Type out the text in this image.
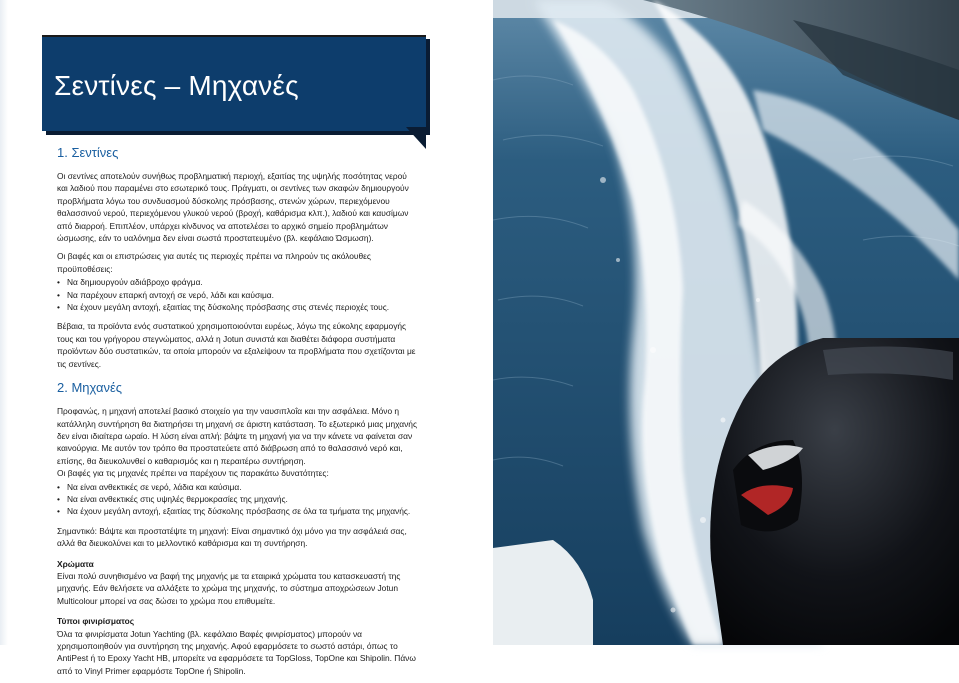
Σεντίνες – Μηχανές
1. Σεντίνες

Οι σεντίνες αποτελούν συνήθως προβληματική περιοχή, εξαιτίας της υψηλής ποσότητας νερού και λαδιού που παραμένει στο εσωτερικό τους. Πράγματι, οι σεντίνες των σκαφών δημιουργούν προβλήματα λόγω του συνδυασμού δύσκολης πρόσβασης, στενών χώρων, περιεχόμενου θαλασσινού νερού, περιεχόμενου γλυκού νερού (βροχή, καθάρισμα κλπ.), λαδιού και καυσίμων από διαρροή. Επιπλέον, υπάρχει κίνδυνος να αποτελέσει το αρχικό σημείο προβλημάτων ώσμωσης, εάν το υαλόνημα δεν είναι σωστά προστατευμένο (βλ. κεφάλαιο Ώσμωση).

Οι βαφές και οι επιστρώσεις για αυτές τις περιοχές πρέπει να πληρούν τις ακόλουθες προϋποθέσεις:

• Να δημιουργούν αδιάβροχο φράγμα.
• Να παρέχουν επαρκή αντοχή σε νερό, λάδι και καύσιμα.
• Να έχουν μεγάλη αντοχή, εξαιτίας της δύσκολης πρόσβασης στις στενές περιοχές τους.

Βέβαια, τα προϊόντα ενός συστατικού χρησιμοποιούνται ευρέως, λόγω της εύκολης εφαρμογής τους και του γρήγορου στεγνώματος, αλλά η Jotun συνιστά και διαθέτει διάφορα συστήματα προϊόντων δύο συστατικών, τα οποία μπορούν να εξαλείψουν τα προβλήματα που σχετίζονται με τις σεντίνες.

2. Μηχανές

Προφανώς, η μηχανή αποτελεί βασικό στοιχείο για την ναυσιπλοΐα και την ασφάλεια. Μόνο η κατάλληλη συντήρηση θα διατηρήσει τη μηχανή σε άριστη κατάσταση. Το εξωτερικό μιας μηχανής δεν είναι ιδιαίτερα ωραίο. Η λύση είναι απλή: βάψτε τη μηχανή για να την κάνετε να φαίνεται σαν καινούργια. Με αυτόν τον τρόπο θα προστατεύετε από διάβρωση από το θαλασσινό νερό και, επίσης, θα διευκολυνθεί ο καθαρισμός και η περαιτέρω συντήρηση.

Οι βαφές για τις μηχανές πρέπει να παρέχουν τις παρακάτω δυνατότητες:

• Να είναι ανθεκτικές σε νερό, λάδια και καύσιμα.
• Να είναι ανθεκτικές στις υψηλές θερμοκρασίες της μηχανής.
• Να έχουν μεγάλη αντοχή, εξαιτίας της δύσκολης πρόσβασης σε όλα τα τμήματα της μηχανής.

Σημαντικό: Βάψτε και προστατέψτε τη μηχανή: Είναι σημαντικό όχι μόνο για την ασφάλειά σας, αλλά θα διευκολύνει και το μελλοντικό καθάρισμα και τη συντήρηση.

Χρώματα

Είναι πολύ συνηθισμένο να βαφή της μηχανής με τα εταιρικά χρώματα του κατασκευαστή της μηχανής. Εάν θελήσετε να αλλάξετε το χρώμα της μηχανής, το σύστημα αποχρώσεων Jotun Multicolour μπορεί να σας δώσει το χρώμα που επιθυμείτε.

Τύποι φινιρίσματος

Όλα τα φινιρίσματα Jotun Yachting (βλ. κεφάλαιο Βαφές φινιρίσματος) μπορούν να χρησιμοποιηθούν για συντήρηση της μηχανής. Αφού εφαρμόσετε το σωστό αστάρι, όπως το AntiPest ή το Epoxy Yacht HB, μπορείτε να εφαρμόσετε τα TopGloss, TopOne και Shipolin. Πάνω από το Vinyl Primer εφαρμόστε TopOne ή Shipolin.
